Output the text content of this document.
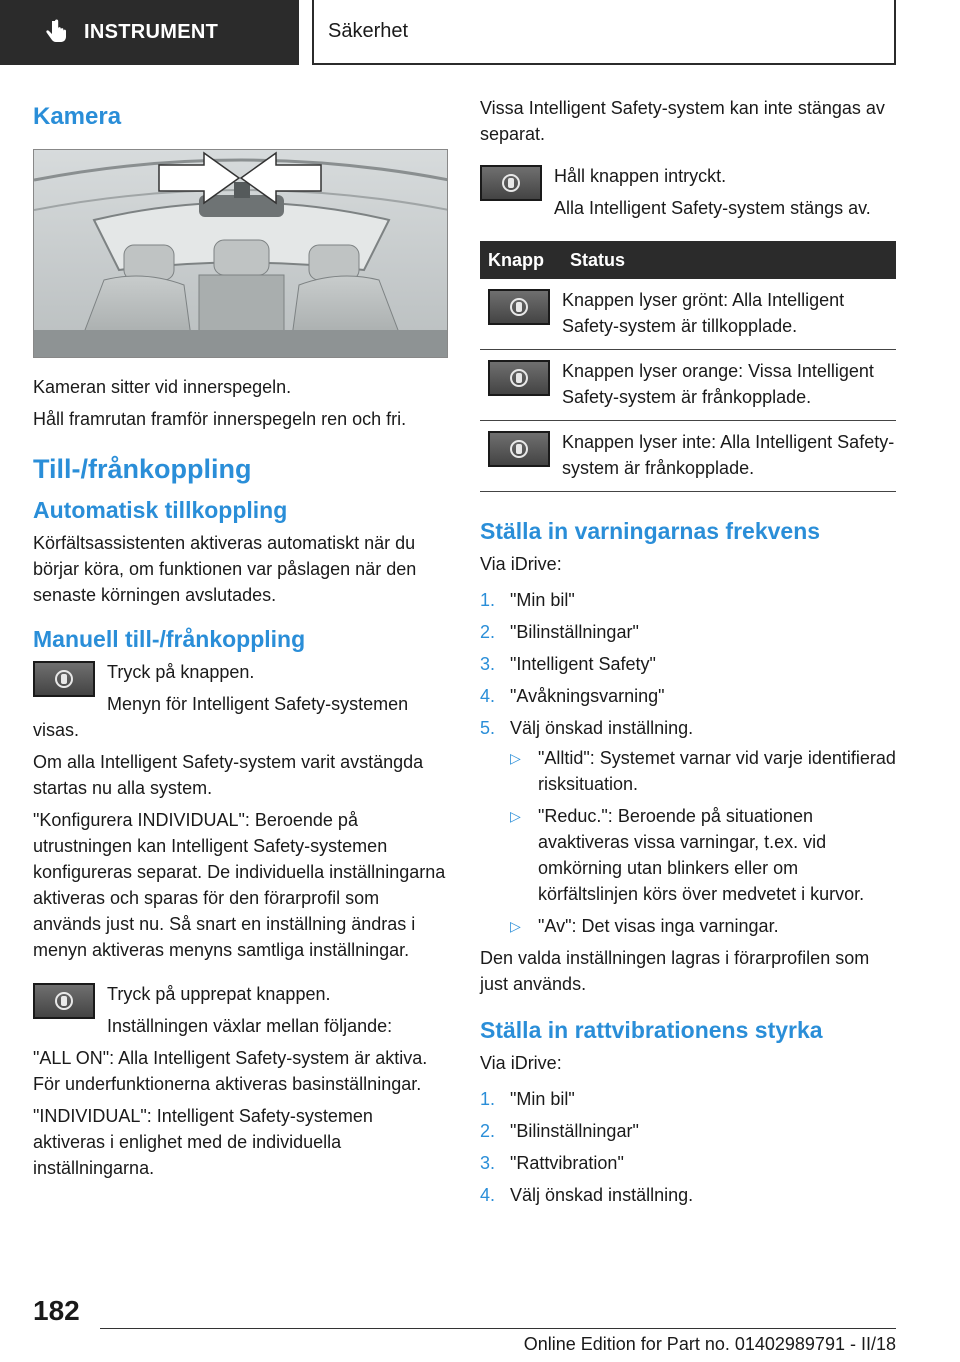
INSTRUMENT	Säkerhet
Kamera

Kameran sitter vid innerspegeln.

Håll framrutan framför innerspegeln ren och fri.

Till-/frånkoppling
Automatisk tillkoppling

Körfältsassistenten aktiveras automatiskt när du börjar köra, om funktionen var påslagen när den senaste körningen avslutades.

Manuell till-/frånkoppling

Tryck på knappen.

Menyn för Intelligent Safety-systemen visas.

Om alla Intelligent Safety-system varit avstängda startas nu alla system.

"Konfigurera INDIVIDUAL": Beroende på utrustningen kan Intelligent Safety-systemen konfigureras separat. De individuella inställningarna aktiveras och sparas för den förarprofil som används just nu. Så snart en inställning ändras i menyn aktiveras menyns samtliga inställningar.

Tryck på upprepat knappen.

Inställningen växlar mellan följande:

"ALL ON": Alla Intelligent Safety-system är aktiva. För underfunktionerna aktiveras basinställningar.

"INDIVIDUAL": Intelligent Safety-systemen aktiveras i enlighet med de individuella inställningarna.

Vissa Intelligent Safety-system kan inte stängas av separat.

Håll knappen intryckt.

Alla Intelligent Safety-system stängs av.

Knapp	Status

	Knappen lyser grönt: Alla Intelligent Safety-system är tillkopplade.

	Knappen lyser orange: Vissa Intelligent Safety-system är frånkopplade.

	Knappen lyser inte: Alla Intelligent Safety-system är frånkopplade.
Ställa in varningarnas frekvens

Via iDrive:

1. "Min bil"
2. "Bilinställningar"
3. "Intelligent Safety"
4. "Avåkningsvarning"
5. Välj önskad inställning.
▷ "Alltid": Systemet varnar vid varje identifierad risksituation.
▷ "Reduc.": Beroende på situationen avaktiveras vissa varningar, t.ex. vid omkörning utan blinkers eller om körfältslinjen körs över medvetet i kurvor.
▷ "Av": Det visas inga varningar.

Den valda inställningen lagras i förarprofilen som just används.

Ställa in rattvibrationens styrka

Via iDrive:

1. "Min bil"
2. "Bilinställningar"
3. "Rattvibration"
4. Välj önskad inställning.
182
Online Edition for Part no. 01402989791 - II/18
